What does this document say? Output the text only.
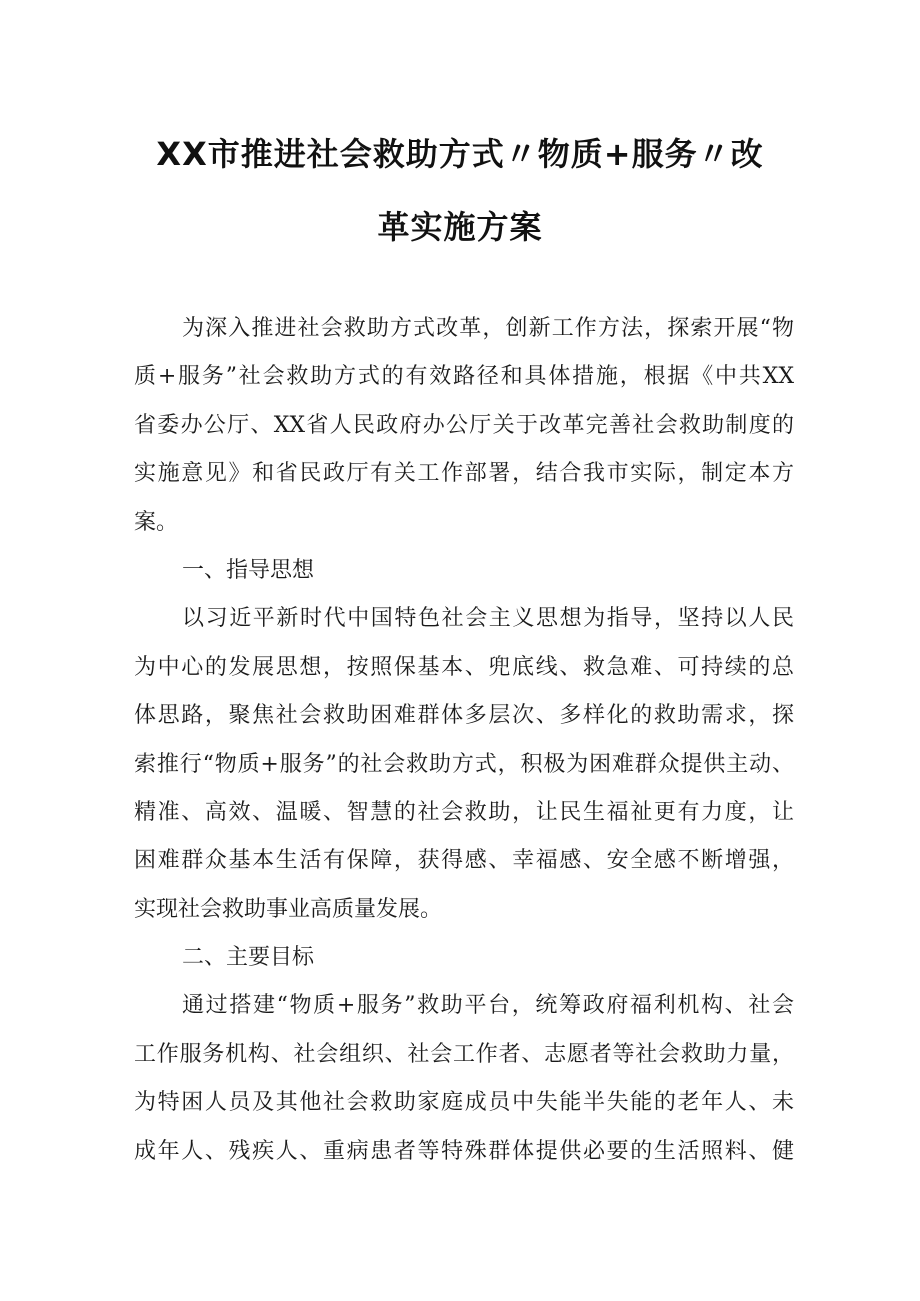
XX市推进社会救助方式〃物质+服务〃改
革实施方案
为深入推进社会救助方式改革，创新工作方法，探索开展“物
质+服务”社会救助方式的有效路径和具体措施，根据《中共XX
省委办公厅、XX省人民政府办公厅关于改革完善社会救助制度的
实施意见》和省民政厅有关工作部署，结合我市实际，制定本方
案。
一、指导思想
以习近平新时代中国特色社会主义思想为指导，坚持以人民
为中心的发展思想，按照保基本、兜底线、救急难、可持续的总
体思路，聚焦社会救助困难群体多层次、多样化的救助需求，探
索推行“物质+服务”的社会救助方式，积极为困难群众提供主动、
精准、高效、温暖、智慧的社会救助，让民生福祉更有力度，让
困难群众基本生活有保障，获得感、幸福感、安全感不断增强，
实现社会救助事业高质量发展。
二、主要目标
通过搭建“物质+服务”救助平台，统筹政府福利机构、社会
工作服务机构、社会组织、社会工作者、志愿者等社会救助力量，
为特困人员及其他社会救助家庭成员中失能半失能的老年人、未
成年人、残疾人、重病患者等特殊群体提供必要的生活照料、健
